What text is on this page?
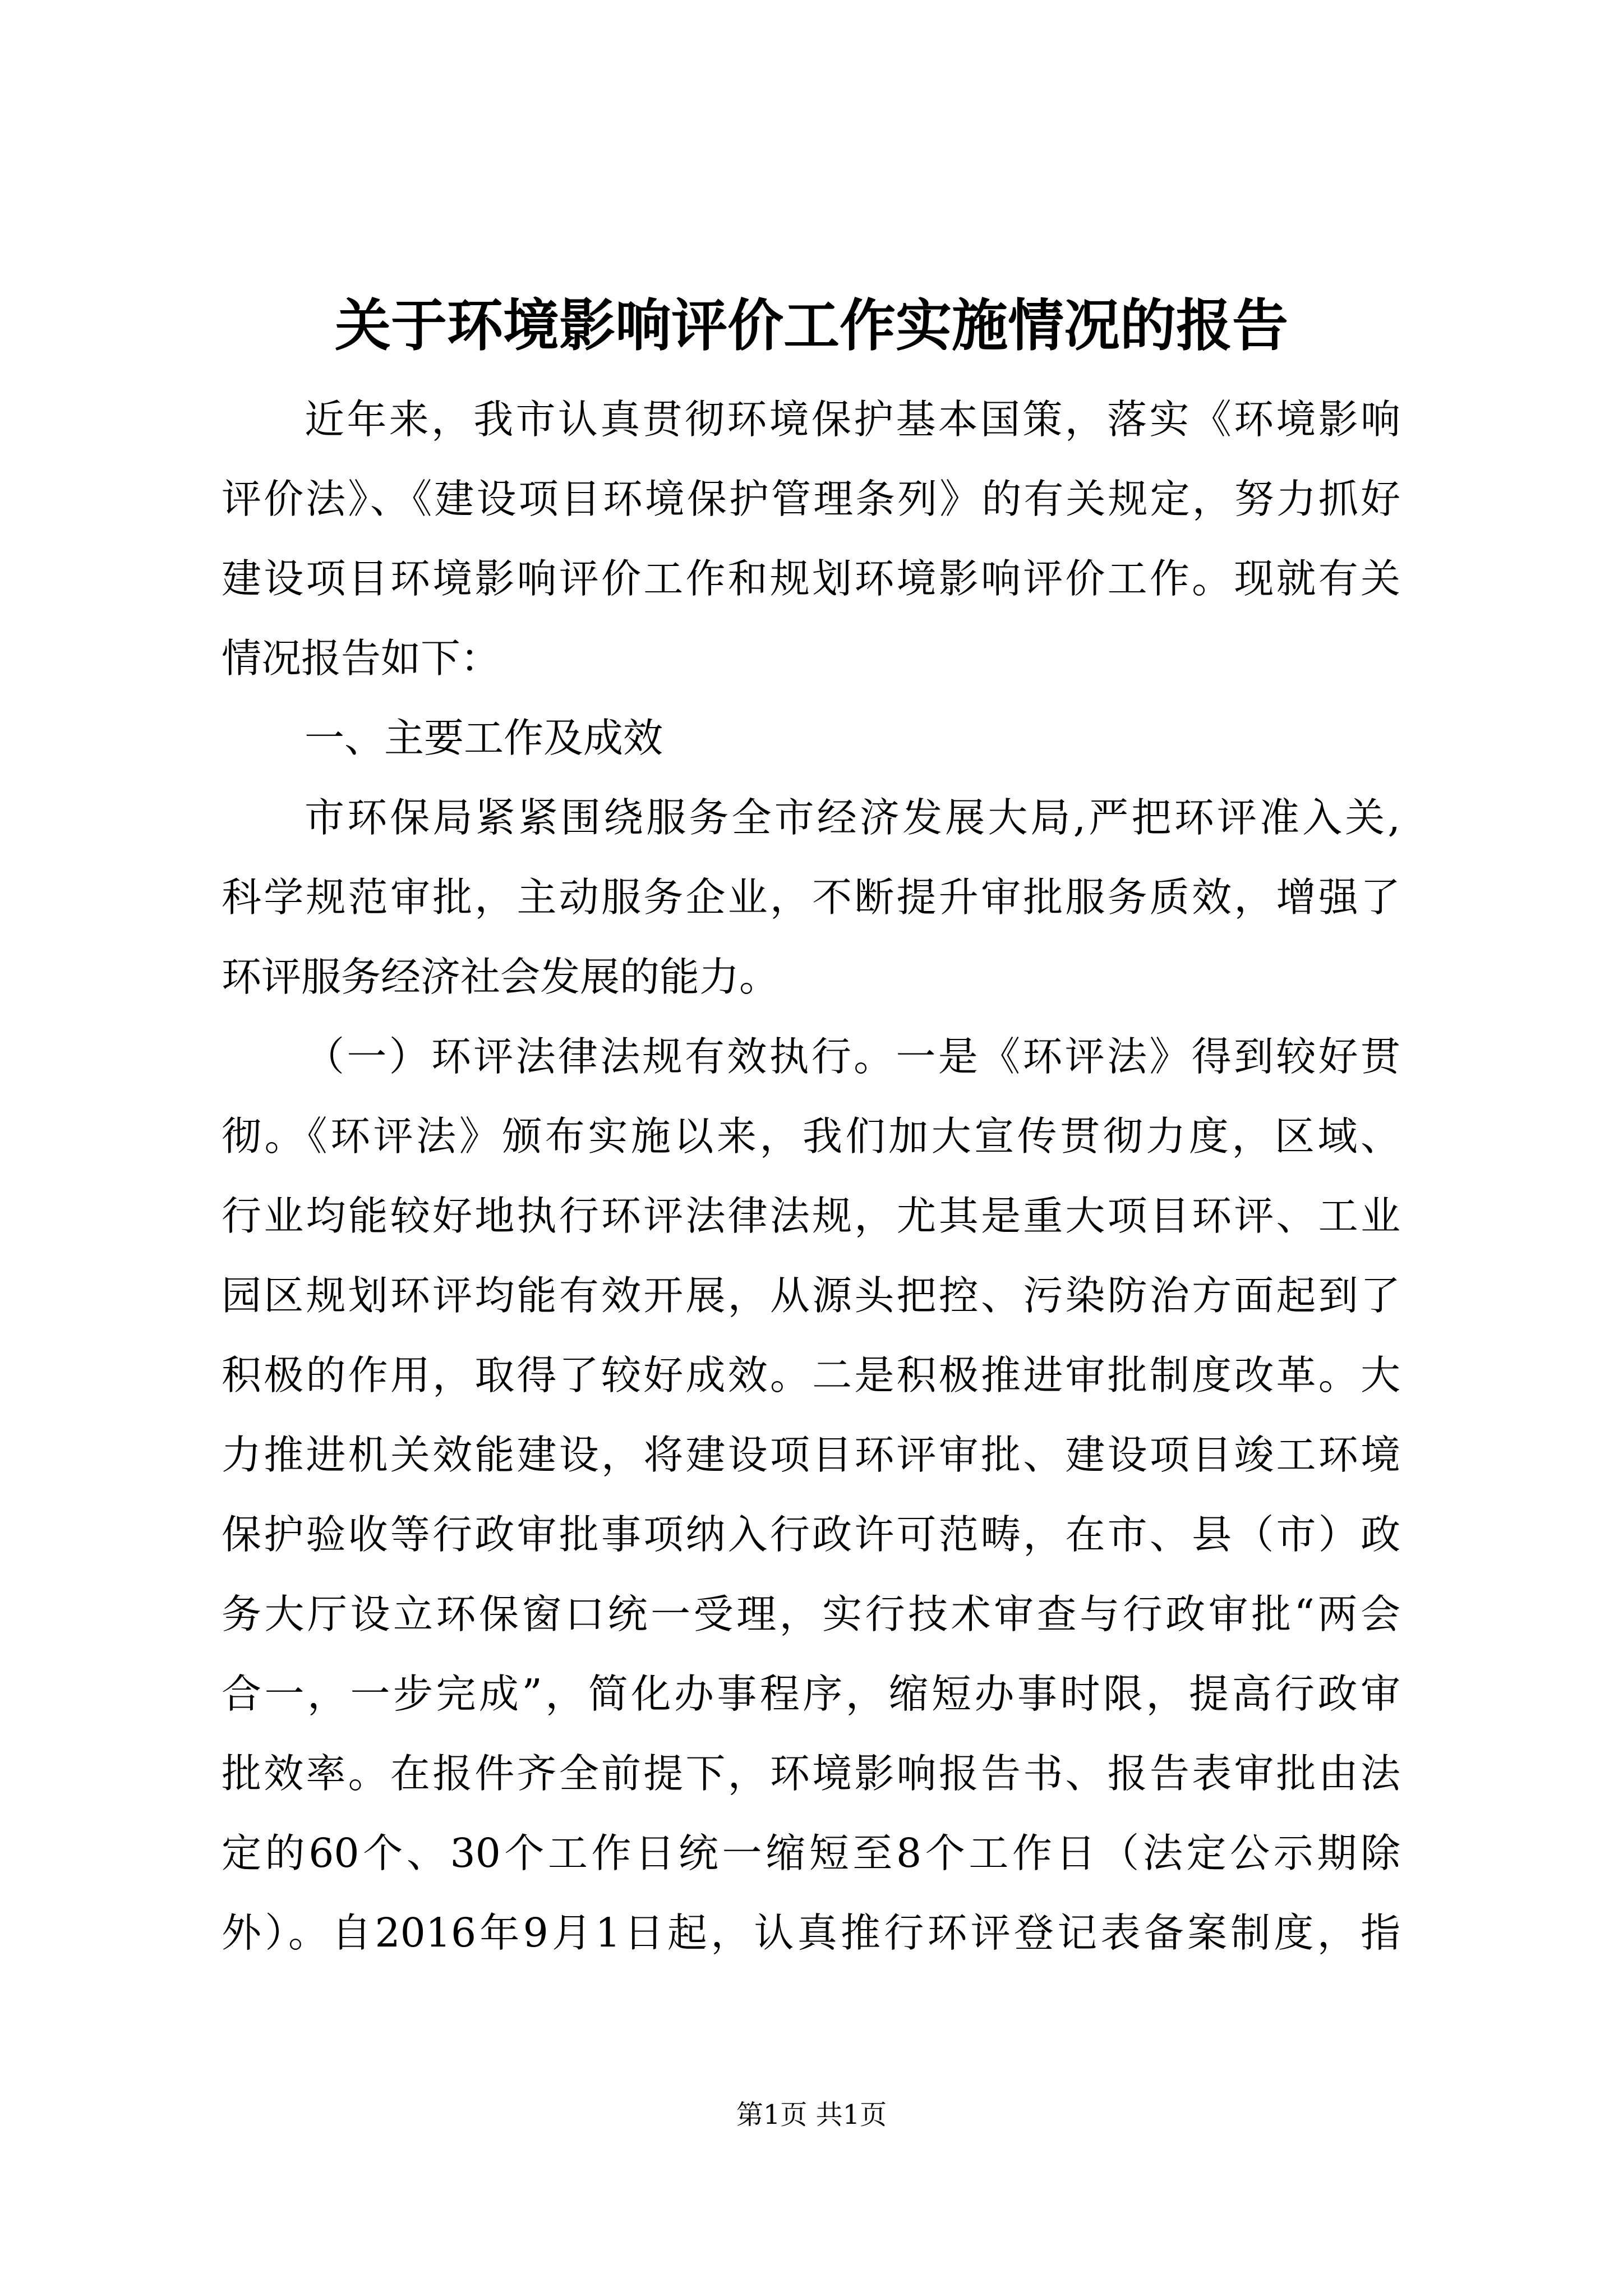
关于环境影响评价工作实施情况的报告
近年来，我市认真贯彻环境保护基本国策，落实《环境影响
评价法》、《建设项目环境保护管理条列》的有关规定，努力抓好
建设项目环境影响评价工作和规划环境影响评价工作。现就有关
情况报告如下：
一、主要工作及成效
市环保局紧紧围绕服务全市经济发展大局,严把环评准入关,
科学规范审批，主动服务企业，不断提升审批服务质效，增强了
环评服务经济社会发展的能力。
（一）环评法律法规有效执行。一是《环评法》得到较好贯
彻。《环评法》颁布实施以来，我们加大宣传贯彻力度，区域、
行业均能较好地执行环评法律法规，尤其是重大项目环评、工业
园区规划环评均能有效开展，从源头把控、污染防治方面起到了
积极的作用，取得了较好成效。二是积极推进审批制度改革。大
力推进机关效能建设，将建设项目环评审批、建设项目竣工环境
保护验收等行政审批事项纳入行政许可范畴，在市、县（市）政
务大厅设立环保窗口统一受理，实行技术审查与行政审批“两会
合一，一步完成”，简化办事程序，缩短办事时限，提高行政审
批效率。在报件齐全前提下，环境影响报告书、报告表审批由法
定的60个、30个工作日统一缩短至8个工作日（法定公示期除
外）。自2016年9月1日起，认真推行环评登记表备案制度，指
第1页 共1页
